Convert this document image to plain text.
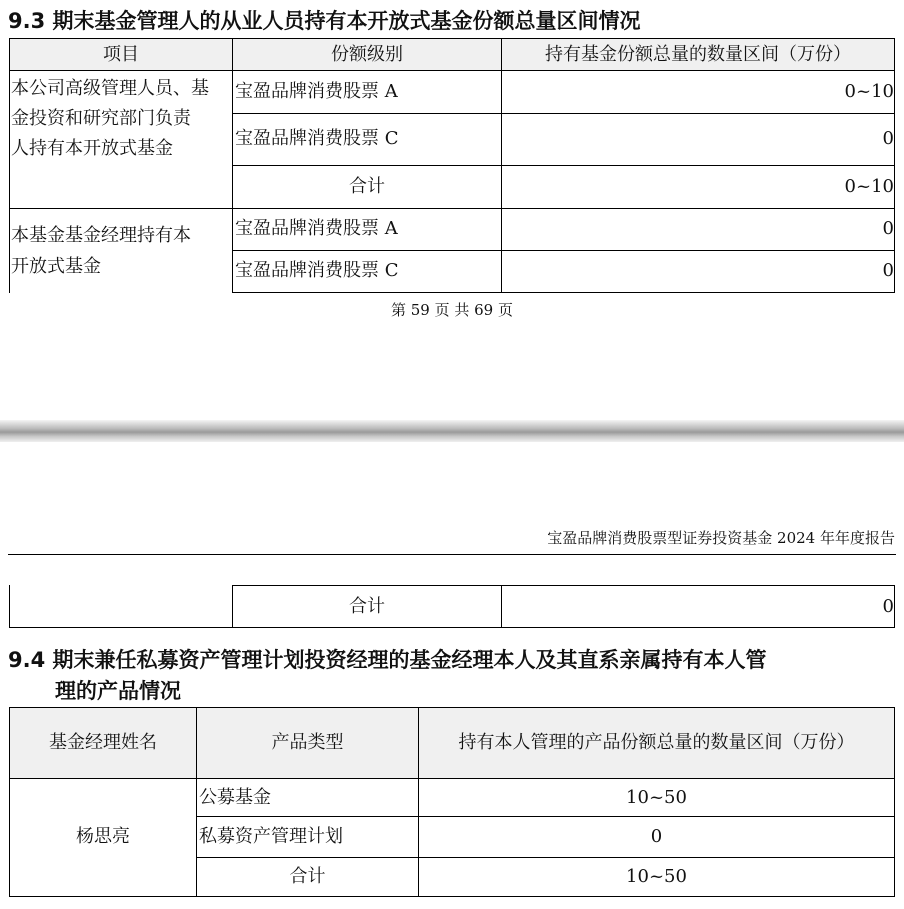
9.3 期末基金管理人的从业人员持有本开放式基金份额总量区间情况
项目	份额级别	持有基金份额总量的数量区间（万份）
本公司高级管理人员、基
金投资和研究部门负责
人持有本开放式基金
宝盈品牌消费股票 A	0~10
宝盈品牌消费股票 C	0
合计	0~10
本基金基金经理持有本
开放式基金
宝盈品牌消费股票 A	0
宝盈品牌消费股票 C	0
第 59 页 共 69 页
宝盈品牌消费股票型证券投资基金 2024 年年度报告
合计	0
9.4 期末兼任私募资产管理计划投资经理的基金经理本人及其直系亲属持有本人管
理的产品情况
基金经理姓名	产品类型	持有本人管理的产品份额总量的数量区间（万份）
杨思亮
公募基金	10~50
私募资产管理计划	0
合计	10~50
